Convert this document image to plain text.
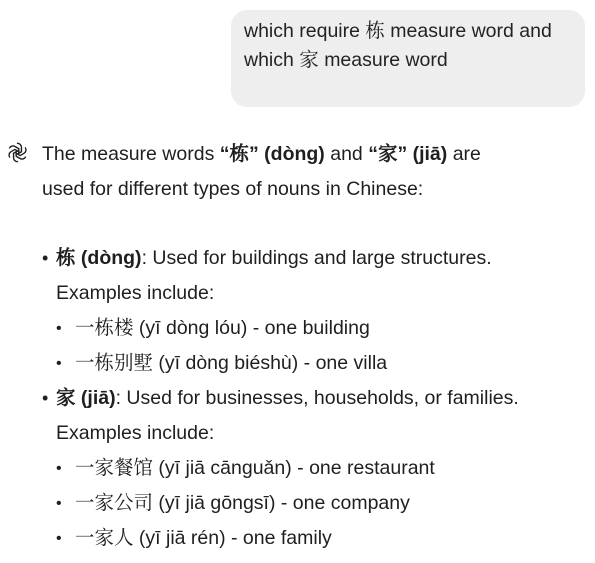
which require 栋 measure word and
which 家 measure word

The measure words “栋” (dòng) and “家” (jiā) are
used for different types of nouns in Chinese:

• 栋 (dòng): Used for buildings and large structures.
Examples include:
• 一栋楼 (yī dòng lóu) - one building
• 一栋别墅 (yī dòng biéshù) - one villa
• 家 (jiā): Used for businesses, households, or families.
Examples include:
• 一家餐馆 (yī jiā cānguǎn) - one restaurant
• 一家公司 (yī jiā gōngsī) - one company
• 一家人 (yī jiā rén) - one family
